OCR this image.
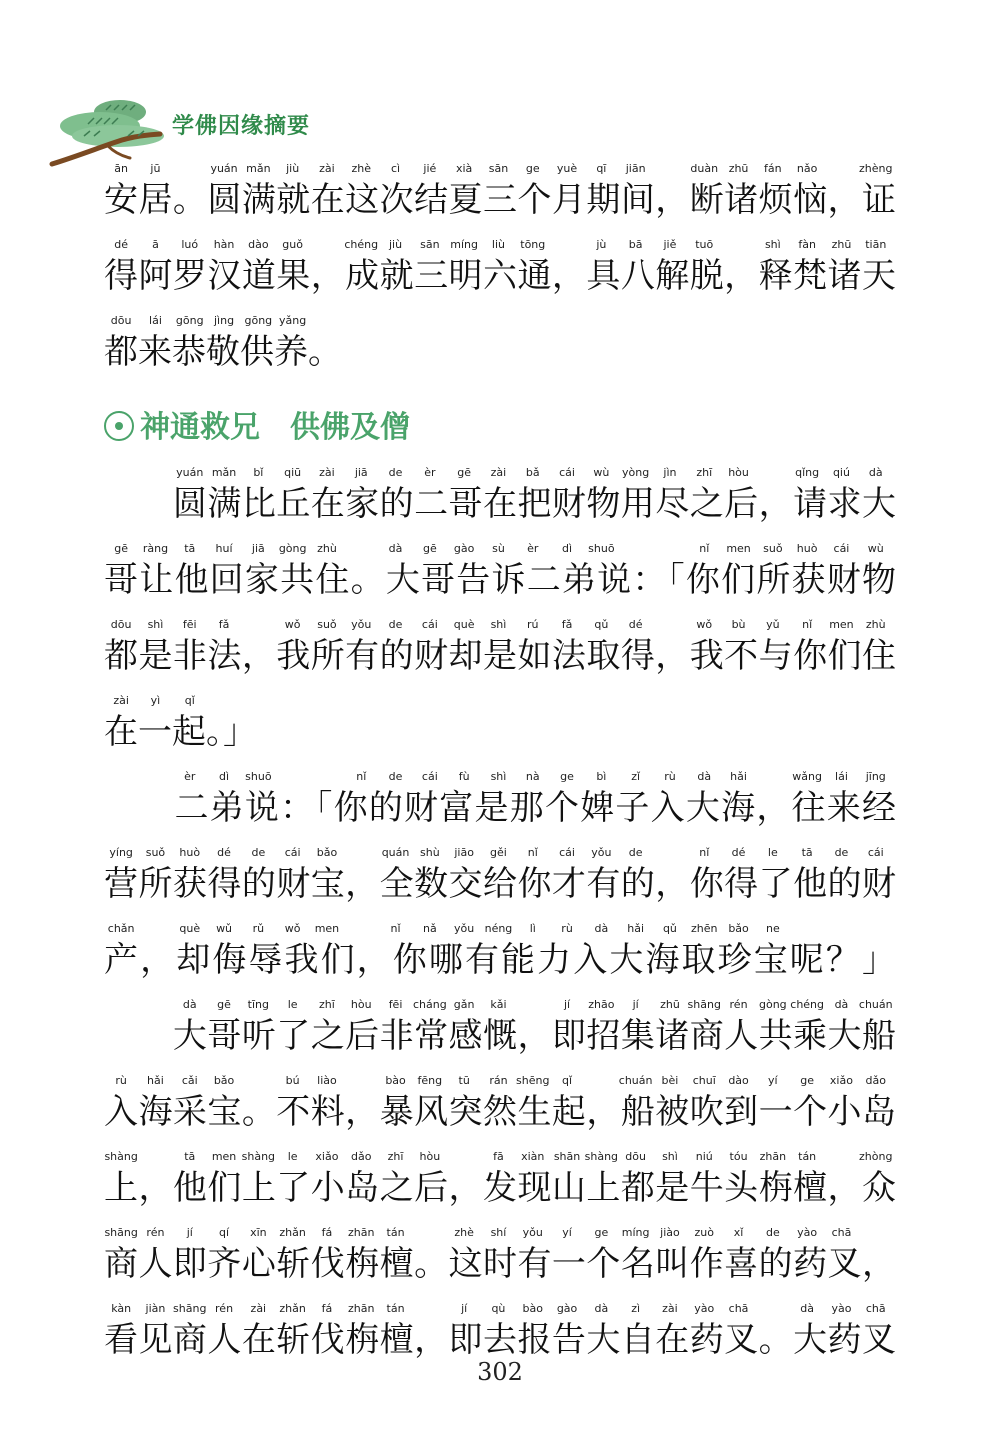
学佛因缘摘要
ān jū	yuán mǎn jiù zài zhè cì jié xià sān ge yuè qī jiān	duàn zhū fán nǎo	zhèng
安居。圆满就在这次结夏三个月期间，断诸烦恼，证
dé ā luó hàn dào guǒ	chéng jiù sān míng liù tōng	jù bā jiě tuō	shì fàn zhū tiān
得阿罗汉道果，成就三明六通，具八解脱，释梵诸天
dōu lái gōng jìng gōng yǎng
都来恭敬供养。
yuán mǎn bǐ qiū zài jiā de èr gē zài bǎ cái wù yòng jìn zhī hòu	qǐng qiú dà
　　圆满比丘在家的二哥在把财物用尽之后，请求大
gē ràng tā huí jiā gòng zhù	dà gē gào sù èr dì shuō	nǐ men suǒ huò cái wù
哥让他回家共住。大哥告诉二弟说：「你们所获财物
dōu shì fēi fǎ	wǒ suǒ yǒu de cái què shì rú fǎ qǔ dé	wǒ bù yǔ nǐ men zhù
都是非法，我所有的财却是如法取得，我不与你们住
zài yì qǐ
在一起。」
èr dì shuō	nǐ de cái fù shì nà ge bì zǐ rù dà hǎi	wǎng lái jīng
　　二弟说：「你的财富是那个婢子入大海，往来经
yíng suǒ huò dé de cái bǎo	quán shù jiāo gěi nǐ cái yǒu de	nǐ dé le tā de cái
营所获得的财宝，全数交给你才有的，你得了他的财
chǎn	què wǔ rǔ wǒ men	nǐ nǎ yǒu néng lì rù dà hǎi qǔ zhēn bǎo ne
产，却侮辱我们，你哪有能力入大海取珍宝呢？」
dà gē tīng le zhī hòu fēi cháng gǎn kǎi	jí zhāo jí zhū shāng rén gòng chéng dà chuán
　　大哥听了之后非常感慨，即招集诸商人共乘大船
rù hǎi cǎi bǎo	bú liào	bào fēng tū rán shēng qǐ	chuán bèi chuī dào yí ge xiǎo dǎo
入海采宝。不料，暴风突然生起，船被吹到一个小岛
shàng	tā men shàng le xiǎo dǎo zhī hòu	fā xiàn shān shàng dōu shì niú tóu zhān tán	zhòng
上，他们上了小岛之后，发现山上都是牛头栴檀，众
shāng rén jí qí xīn zhǎn fá zhān tán	zhè shí yǒu yí ge míng jiào zuò xǐ de yào chā
商人即齐心斩伐栴檀。这时有一个名叫作喜的药叉，
kàn jiàn shāng rén zài zhǎn fá zhān tán	jí qù bào gào dà zì zài yào chā	dà yào chā
看见商人在斩伐栴檀，即去报告大自在药叉。大药叉
神通救兄　供佛及僧
302
